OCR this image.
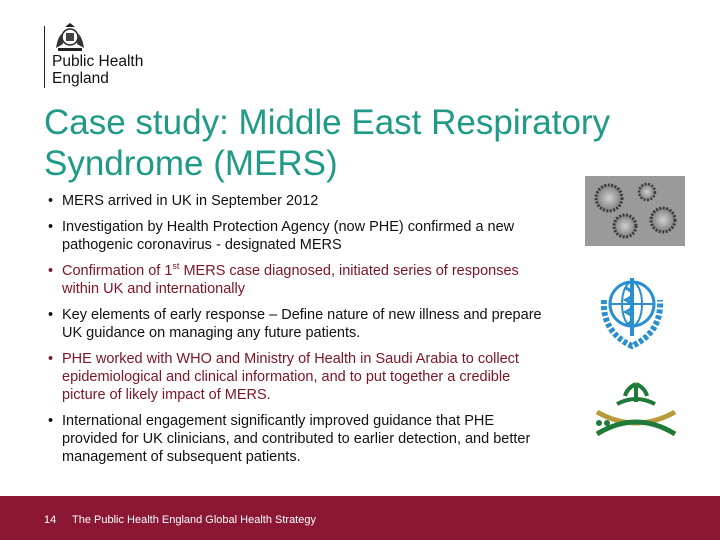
Public Health
England
Case study: Middle East Respiratory
Syndrome (MERS)
• MERS arrived in UK in September 2012
• Investigation by Health Protection Agency (now PHE) confirmed a new pathogenic coronavirus - designated MERS
• Confirmation of 1st MERS case diagnosed, initiated series of responses within UK and internationally
• Key elements of early response – Define nature of new illness and prepare UK guidance on managing any future patients.
• PHE worked with WHO and Ministry of Health in Saudi Arabia to collect epidemiological and clinical information, and to put together a credible picture of likely impact of MERS.
• International engagement significantly improved guidance that PHE provided for UK clinicians, and contributed to earlier detection, and better management of subsequent patients.
14 The Public Health England Global Health Strategy
